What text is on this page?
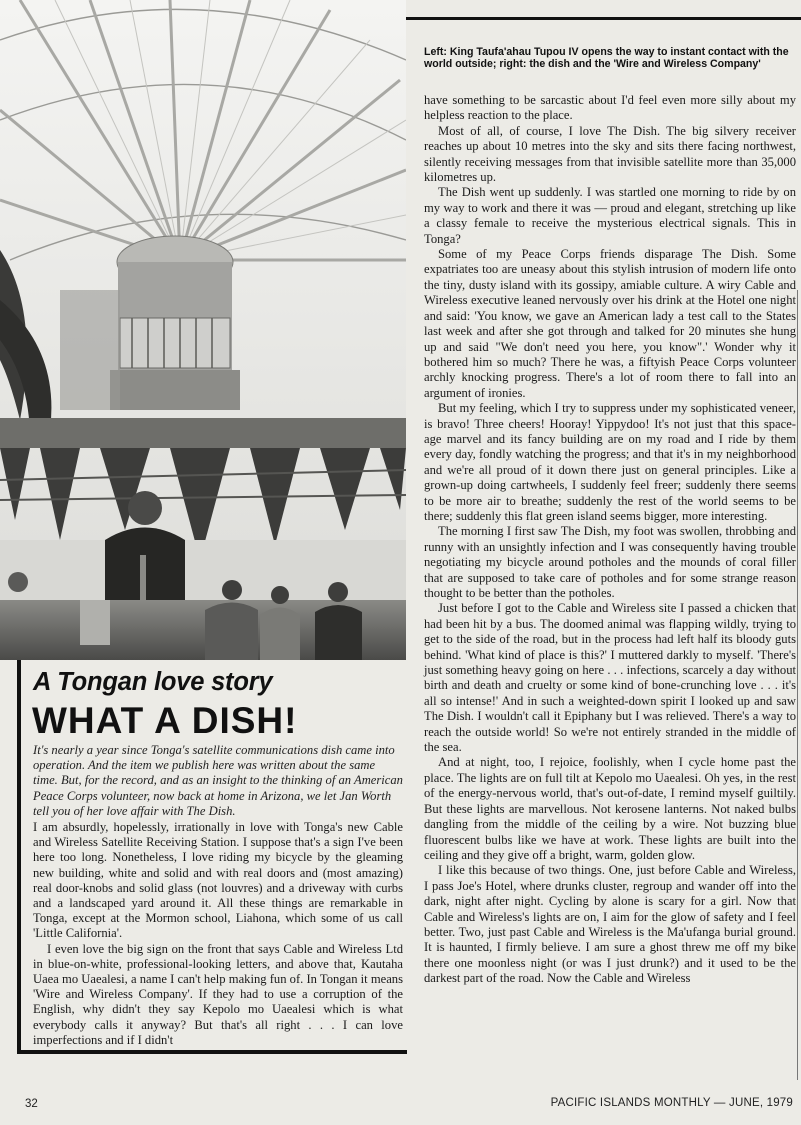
Left: King Taufa'ahau Tupou IV opens the way to instant contact with the world outside; right: the dish and the 'Wire and Wireless Company'
A Tongan love story
WHAT A DISH!
It's nearly a year since Tonga's satellite communications dish came into operation. And the item we publish here was written about the same time. But, for the record, and as an insight to the thinking of an American Peace Corps volunteer, now back at home in Arizona, we let Jan Worth tell you of her love affair with The Dish.

I am absurdly, hopelessly, irrationally in love with Tonga's new Cable and Wireless Satellite Receiving Station. I suppose that's a sign I've been here too long. Nonetheless, I love riding my bicycle by the gleaming new building, white and solid and with real doors and (most amazing) real door-knobs and solid glass (not louvres) and a driveway with curbs and a landscaped yard around it. All these things are remarkable in Tonga, except at the Mormon school, Liahona, which some of us call 'Little California'.

I even love the big sign on the front that says Cable and Wireless Ltd in blue-on-white, professional-looking letters, and above that, Kautaha Uaea mo Uaealesi, a name I can't help making fun of. In Tongan it means 'Wire and Wireless Company'. If they had to use a corruption of the English, why didn't they say Kepolo mo Uaealesi which is what everybody calls it anyway? But that's all right . . . I can love imperfections and if I didn't

have something to be sarcastic about I'd feel even more silly about my helpless reaction to the place.

Most of all, of course, I love The Dish. The big silvery receiver reaches up about 10 metres into the sky and sits there facing northwest, silently receiving messages from that invisible satellite more than 35,000 kilometres up.

The Dish went up suddenly. I was startled one morning to ride by on my way to work and there it was — proud and elegant, stretching up like a classy female to receive the mysterious electrical signals. This in Tonga?

Some of my Peace Corps friends disparage The Dish. Some expatriates too are uneasy about this stylish intrusion of modern life onto the tiny, dusty island with its gossipy, amiable culture. A wiry Cable and Wireless executive leaned nervously over his drink at the Hotel one night and said: 'You know, we gave an American lady a test call to the States last week and after she got through and talked for 20 minutes she hung up and said "We don't need you here, you know".' Wonder why it bothered him so much? There he was, a fiftyish Peace Corps volunteer archly knocking progress. There's a lot of room there to fall into an argument of ironies.

But my feeling, which I try to suppress under my sophisticated veneer, is bravo! Three cheers! Hooray! Yippydoo! It's not just that this space-age marvel and its fancy building are on my road and I ride by them every day, fondly watching the progress; and that it's in my neighborhood and we're all proud of it down there just on general principles. Like a grown-up doing cartwheels, I suddenly feel freer; suddenly there seems to be more air to breathe; suddenly the rest of the world seems to be there; suddenly this flat green island seems bigger, more interesting.

The morning I first saw The Dish, my foot was swollen, throbbing and runny with an unsightly infection and I was consequently having trouble negotiating my bicycle around potholes and the mounds of coral filler that are supposed to take care of potholes and for some strange reason thought to be better than the potholes.

Just before I got to the Cable and Wireless site I passed a chicken that had been hit by a bus. The doomed animal was flapping wildly, trying to get to the side of the road, but in the process had left half its bloody guts behind. 'What kind of place is this?' I muttered darkly to myself. 'There's just something heavy going on here . . . infections, scarcely a day without birth and death and cruelty or some kind of bone-crunching love . . . it's all so intense!' And in such a weighted-down spirit I looked up and saw The Dish. I wouldn't call it Epiphany but I was relieved. There's a way to reach the outside world! So we're not entirely stranded in the middle of the sea.

And at night, too, I rejoice, foolishly, when I cycle home past the place. The lights are on full tilt at Kepolo mo Uaealesi. Oh yes, in the rest of the energy-nervous world, that's out-of-date, I remind myself guiltily. But these lights are marvellous. Not kerosene lanterns. Not naked bulbs dangling from the middle of the ceiling by a wire. Not buzzing blue fluorescent bulbs like we have at work. These lights are built into the ceiling and they give off a bright, warm, golden glow.

I like this because of two things. One, just before Cable and Wireless, I pass Joe's Hotel, where drunks cluster, regroup and wander off into the dark, night after night. Cycling by alone is scary for a girl. Now that Cable and Wireless's lights are on, I aim for the glow of safety and I feel better. Two, just past Cable and Wireless is the Ma'ufanga burial ground. It is haunted, I firmly believe. I am sure a ghost threw me off my bike there one moonless night (or was I just drunk?) and it used to be the darkest part of the road. Now the Cable and Wireless

32	PACIFIC ISLANDS MONTHLY — JUNE, 1979
